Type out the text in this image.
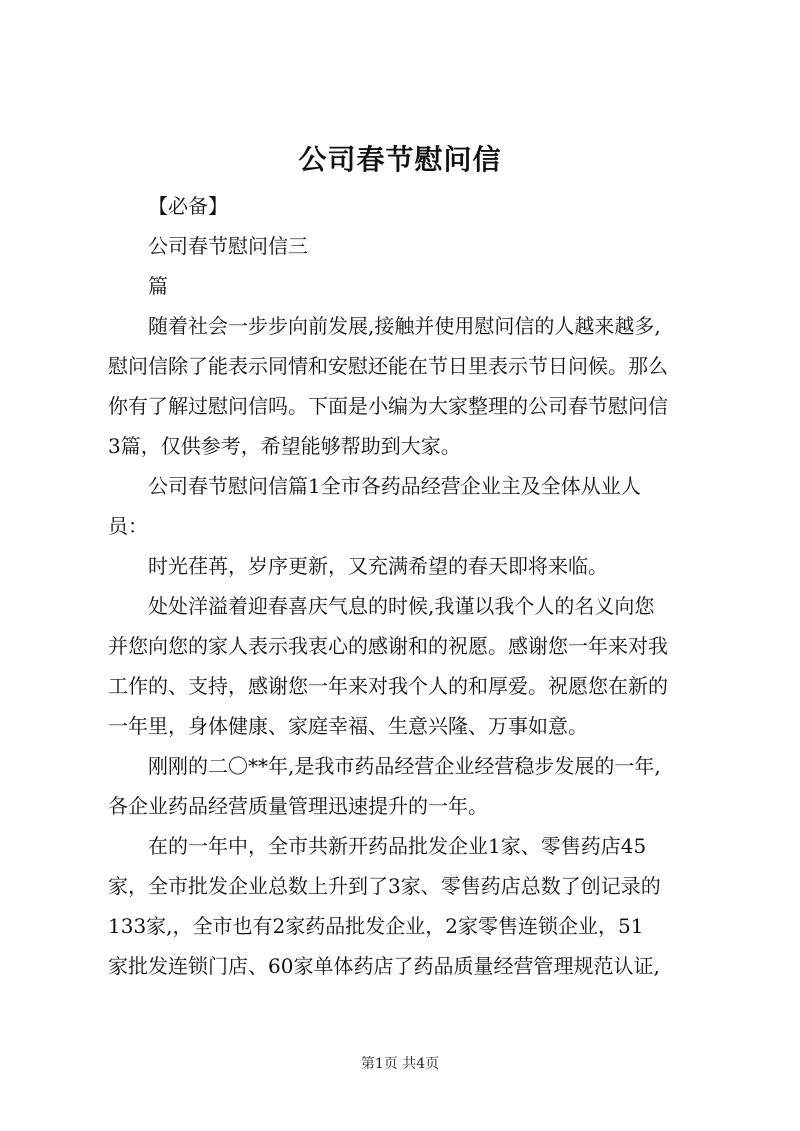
公司春节慰问信

【必备】

公司春节慰问信三

篇

随着社会一步步向前发展,接触并使用慰问信的人越来越多,

慰问信除了能表示同情和安慰还能在节日里表示节日问候。那么

你有了解过慰问信吗。下面是小编为大家整理的公司春节慰问信

3篇，仅供参考，希望能够帮助到大家。

公司春节慰问信篇1全市各药品经营企业主及全体从业人

员：

时光荏苒，岁序更新，又充满希望的春天即将来临。

处处洋溢着迎春喜庆气息的时候,我谨以我个人的名义向您

并您向您的家人表示我衷心的感谢和的祝愿。感谢您一年来对我

工作的、支持，感谢您一年来对我个人的和厚爱。祝愿您在新的

一年里，身体健康、家庭幸福、生意兴隆、万事如意。

刚刚的二〇**年,是我市药品经营企业经营稳步发展的一年,

各企业药品经营质量管理迅速提升的一年。

在的一年中，全市共新开药品批发企业1家、零售药店45

家，全市批发企业总数上升到了3家、零售药店总数了创记录的

133家,，全市也有2家药品批发企业，2家零售连锁企业，51

家批发连锁门店、60家单体药店了药品质量经营管理规范认证,

第1页 共4页
